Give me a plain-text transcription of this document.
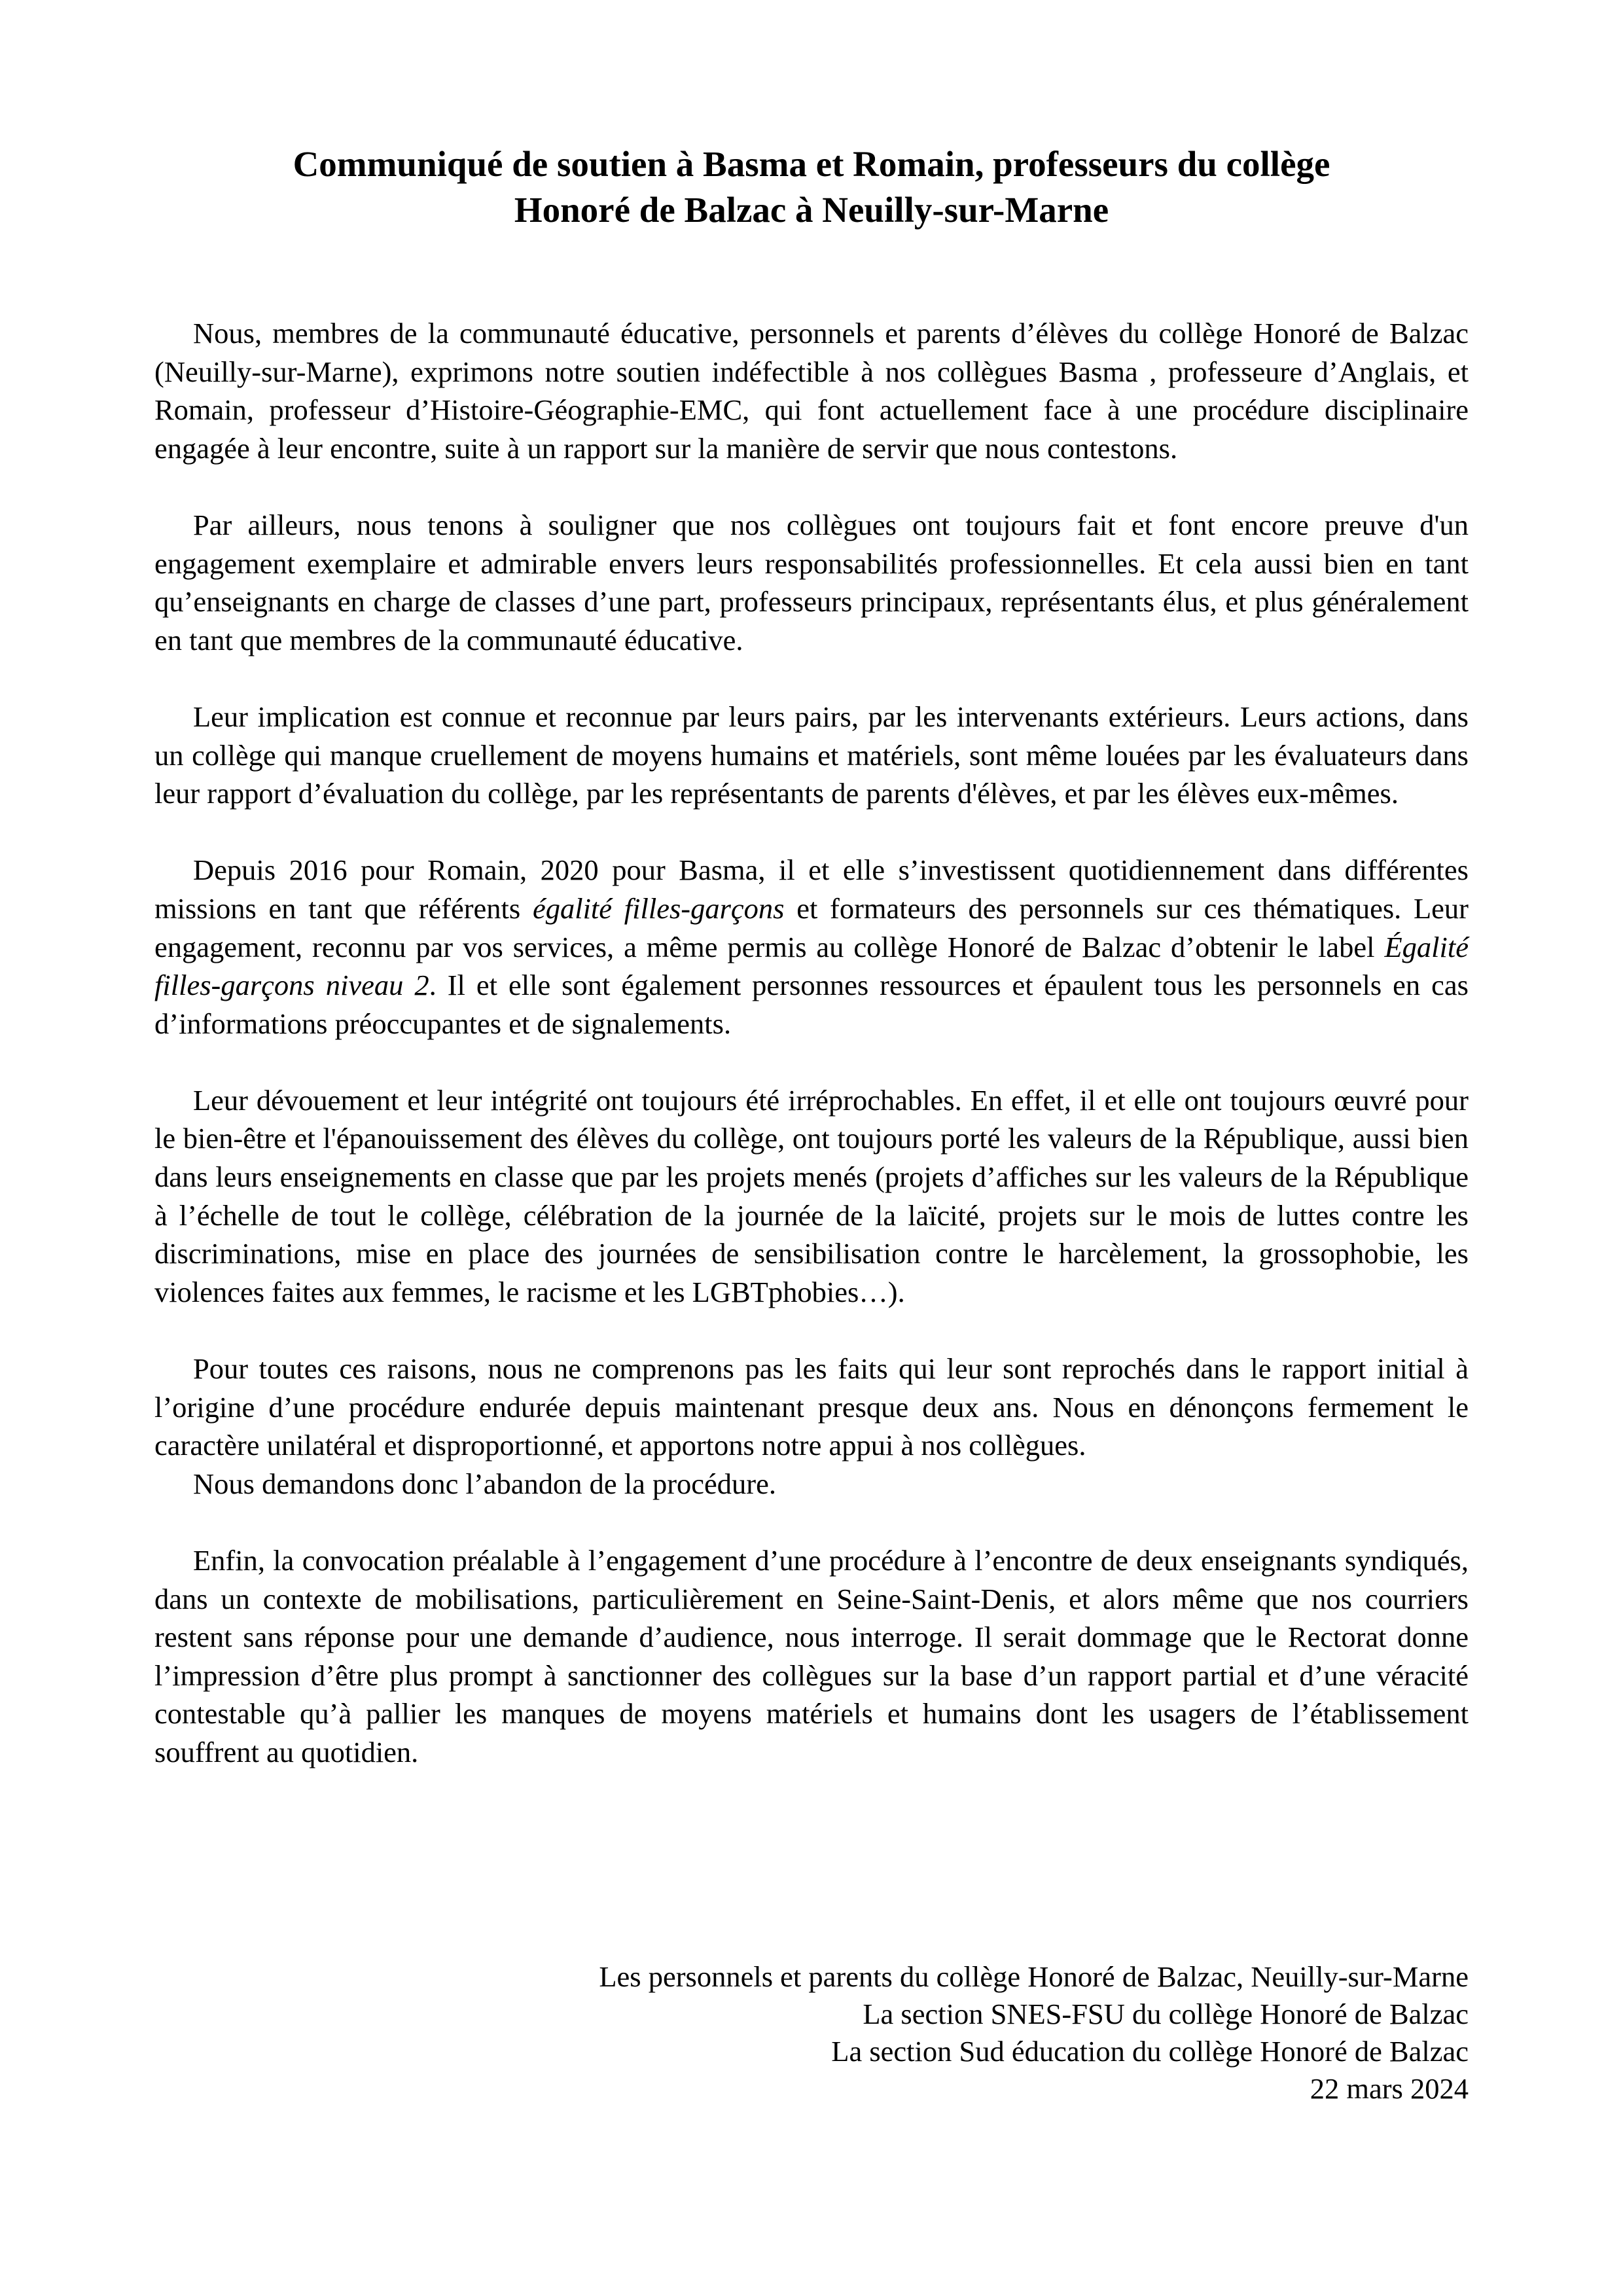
Communiqué de soutien à Basma et Romain, professeurs du collège
Honoré de Balzac à Neuilly-sur-Marne

Nous, membres de la communauté éducative, personnels et parents d’élèves du collège Honoré de Balzac (Neuilly-sur-Marne), exprimons notre soutien indéfectible à nos collègues Basma , professeure d’Anglais, et Romain, professeur d’Histoire-Géographie-EMC, qui font actuellement face à une procédure disciplinaire engagée à leur encontre, suite à un rapport sur la manière de servir que nous contestons.

Par ailleurs, nous tenons à souligner que nos collègues ont toujours fait et font encore preuve d'un engagement exemplaire et admirable envers leurs responsabilités professionnelles. Et cela aussi bien en tant qu’enseignants en charge de classes d’une part, professeurs principaux, représentants élus, et plus généralement en tant que membres de la communauté éducative.

Leur implication est connue et reconnue par leurs pairs, par les intervenants extérieurs. Leurs actions, dans un collège qui manque cruellement de moyens humains et matériels, sont même louées par les évaluateurs dans leur rapport d’évaluation du collège, par les représentants de parents d'élèves, et par les élèves eux-mêmes.

Depuis 2016 pour Romain, 2020 pour Basma, il et elle s’investissent quotidiennement dans différentes missions en tant que référents égalité filles-garçons et formateurs des personnels sur ces thématiques. Leur engagement, reconnu par vos services, a même permis au collège Honoré de Balzac d’obtenir le label Égalité filles-garçons niveau 2. Il et elle sont également personnes ressources et épaulent tous les personnels en cas d’informations préoccupantes et de signalements.

Leur dévouement et leur intégrité ont toujours été irréprochables. En effet, il et elle ont toujours œuvré pour le bien-être et l'épanouissement des élèves du collège, ont toujours porté les valeurs de la République, aussi bien dans leurs enseignements en classe que par les projets menés (projets d’affiches sur les valeurs de la République à l’échelle de tout le collège, célébration de la journée de la laïcité, projets sur le mois de luttes contre les discriminations, mise en place des journées de sensibilisation contre le harcèlement, la grossophobie, les violences faites aux femmes, le racisme et les LGBTphobies…).

Pour toutes ces raisons, nous ne comprenons pas les faits qui leur sont reprochés dans le rapport initial à l’origine d’une procédure endurée depuis maintenant presque deux ans. Nous en dénonçons fermement le caractère unilatéral et disproportionné, et apportons notre appui à nos collègues.

Nous demandons donc l’abandon de la procédure.

Enfin, la convocation préalable à l’engagement d’une procédure à l’encontre de deux enseignants syndiqués, dans un contexte de mobilisations, particulièrement en Seine-Saint-Denis, et alors même que nos courriers restent sans réponse pour une demande d’audience, nous interroge. Il serait dommage que le Rectorat donne l’impression d’être plus prompt à sanctionner des collègues sur la base d’un rapport partial et d’une véracité contestable qu’à pallier les manques de moyens matériels et humains dont les usagers de l’établissement souffrent au quotidien.

Les personnels et parents du collège Honoré de Balzac, Neuilly-sur-Marne
La section SNES-FSU du collège Honoré de Balzac
La section Sud éducation du collège Honoré de Balzac
22 mars 2024
